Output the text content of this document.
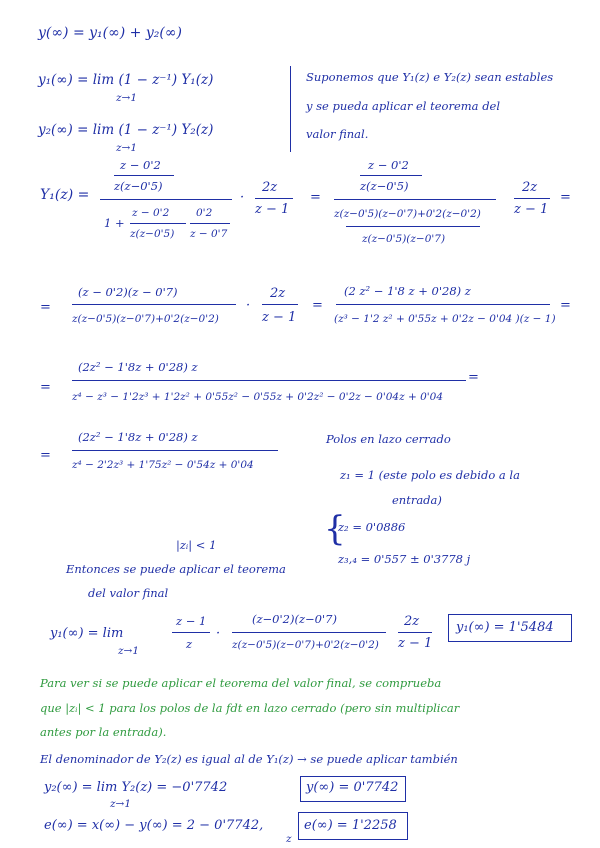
y(∞) = y₁(∞) + y₂(∞)
y₁(∞) = lim (1 − z⁻¹) Y₁(z)
z→1
y₂(∞) = lim (1 − z⁻¹) Y₂(z)
z→1
Suponemos que Y₁(z) e Y₂(z) sean estables
y se pueda aplicar el teorema del
valor final.
Y₁(z) =
z − 0'2
z(z−0'5)
1 +
z − 0'2
z(z−0'5)
0'2
z − 0'7
·
2z
z − 1
=
z − 0'2
z(z−0'5)
z(z−0'5)(z−0'7)+0'2(z−0'2)
z(z−0'5)(z−0'7)
2z
z − 1
=
=
(z − 0'2)(z − 0'7)
z(z−0'5)(z−0'7)+0'2(z−0'2)
·
2z
z − 1
=
(2 z² − 1'8 z + 0'28) z
(z³ − 1'2 z² + 0'55z + 0'2z − 0'04 )(z − 1)
=
=
(2z² − 1'8z + 0'28) z
z⁴ − z³ − 1'2z³ + 1'2z² + 0'55z² − 0'55z + 0'2z² − 0'2z − 0'04z + 0'04
=
=
(2z² − 1'8z + 0'28) z
z⁴ − 2'2z³ + 1'75z² − 0'54z + 0'04
Polos en lazo cerrado
z₁ = 1 (este polo es debido a la
entrada)
{
z₂ = 0'0886
z₃,₄ = 0'557 ± 0'3778 j
|zᵢ| < 1
Entonces se puede aplicar el teorema
del valor final
y₁(∞) = lim
z→1
z − 1
z
·
(z−0'2)(z−0'7)
z(z−0'5)(z−0'7)+0'2(z−0'2)
2z
z − 1
y₁(∞) = 1'5484
Para ver si se puede aplicar el teorema del valor final, se comprueba
que |zᵢ| < 1 para los polos de la fdt en lazo cerrado (pero sin multiplicar
antes por la entrada).
El denominador de Y₂(z) es igual al de Y₁(z) → se puede aplicar también
y₂(∞) = lim Y₂(z) = −0'7742
z→1
y(∞) = 0'7742
e(∞) = x(∞) − y(∞) = 2 − 0'7742,	e(∞) = 1'2258
z
